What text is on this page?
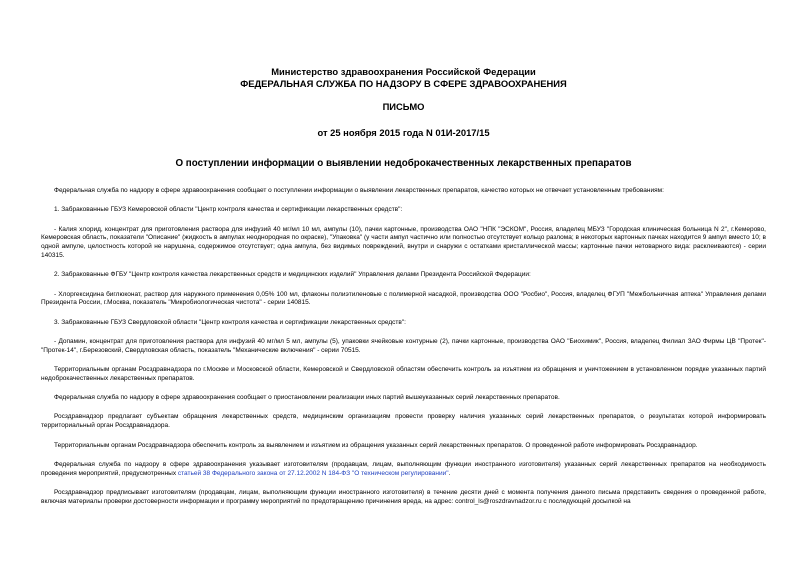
Министерство здравоохранения Российской Федерации
ФЕДЕРАЛЬНАЯ СЛУЖБА ПО НАДЗОРУ В СФЕРЕ ЗДРАВООХРАНЕНИЯ
ПИСЬМО
от 25 ноября 2015 года N 01И-2017/15
О поступлении информации о выявлении недоброкачественных лекарственных препаратов

Федеральная служба по надзору в сфере здравоохранения сообщает о поступлении информации о выявлении лекарственных препаратов, качество которых не отвечает установленным требованиям:

1. Забракованные ГБУЗ Кемеровской области "Центр контроля качества и сертификации лекарственных средств":

- Калия хлорид, концентрат для приготовления раствора для инфузий 40 мг/мл 10 мл, ампулы (10), пачки картонные, производства ОАО "НПК "ЭСКОМ", Россия, владелец МБУЗ "Городская клиническая больница N 2", г.Кемерово, Кемеровская область, показатели "Описание" (жидкость в ампулах неоднородная по окраске), "Упаковка" (у части ампул частично или полностью отсутствует кольцо разлома; в некоторых картонных пачках находится 9 ампул вместо 10; в одной ампуле, целостность которой не нарушена, содержимое отсутствует; одна ампула, без видимых повреждений, внутри и снаружи с остатками кристаллической массы; картонные пачки нетоварного вида: расклеиваются) - серии 140315.

2. Забракованные ФГБУ "Центр контроля качества лекарственных средств и медицинских изделий" Управления делами Президента Российской Федерации:

- Хлоргексидина биглюконат, раствор для наружного применения 0,05% 100 мл, флаконы полиэтиленовые с полимерной насадкой, производства ООО "Росбио", Россия, владелец ФГУП "Межбольничная аптека" Управления делами Президента России, г.Москва, показатель "Микробиологическая чистота" - серии 140815.

3. Забракованные ГБУЗ Свердловской области "Центр контроля качества и сертификации лекарственных средств":

- Допамин, концентрат для приготовления раствора для инфузий 40 мг/мл 5 мл, ампулы (5), упаковки ячейковые контурные (2), пачки картонные, производства ОАО "Биохимик", Россия, владелец Филиал ЗАО Фирмы ЦВ "Протек"-"Протек-14", г.Березовский, Свердловская область, показатель "Механические включения" - серии 70515.

Территориальным органам Росздравнадзора по г.Москве и Московской области, Кемеровской и Свердловской областям обеспечить контроль за изъятием из обращения и уничтожением в установленном порядке указанных партий недоброкачественных лекарственных препаратов.

Федеральная служба по надзору в сфере здравоохранения сообщает о приостановлении реализации иных партий вышеуказанных серий лекарственных препаратов.

Росздравнадзор предлагает субъектам обращения лекарственных средств, медицинским организациям провести проверку наличия указанных серий лекарственных препаратов, о результатах которой информировать территориальный орган Росздравнадзора.

Территориальным органам Росздравнадзора обеспечить контроль за выявлением и изъятием из обращения указанных серий лекарственных препаратов. О проведенной работе информировать Росздравнадзор.

Федеральная служба по надзору в сфере здравоохранения указывает изготовителям (продавцам, лицам, выполняющим функции иностранного изготовителя) указанных серий лекарственных препаратов на необходимость проведения мероприятий, предусмотренных статьей 38 Федерального закона от 27.12.2002 N 184-ФЗ "О техническом регулировании".

Росздравнадзор предписывает изготовителям (продавцам, лицам, выполняющим функции иностранного изготовителя) в течение десяти дней с момента получения данного письма представить сведения о проведенной работе, включая материалы проверки достоверности информации и программу мероприятий по предотвращению причинения вреда, на адрес: control_ls@roszdravnadzor.ru с последующей досылкой на
